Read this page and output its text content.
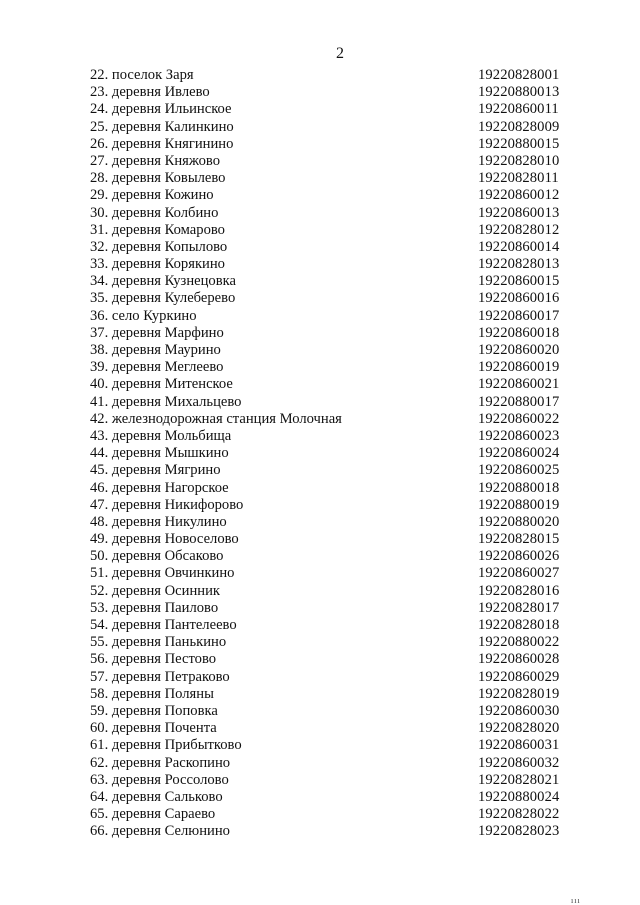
2
22. поселок Заря	19220828001
23. деревня Ивлево	19220880013
24. деревня Ильинское	19220860011
25. деревня Калинкино	19220828009
26. деревня Княгинино	19220880015
27. деревня Княжово	19220828010
28. деревня Ковылево	19220828011
29. деревня Кожино	19220860012
30. деревня Колбино	19220860013
31. деревня Комарово	19220828012
32. деревня Копылово	19220860014
33. деревня Корякино	19220828013
34. деревня Кузнецовка	19220860015
35. деревня Кулеберево	19220860016
36. село Куркино	19220860017
37. деревня Марфино	19220860018
38. деревня Маурино	19220860020
39. деревня Меглеево	19220860019
40. деревня Митенское	19220860021
41. деревня Михальцево	19220880017
42. железнодорожная станция Молочная	19220860022
43. деревня Мольбища	19220860023
44. деревня Мышкино	19220860024
45. деревня Мягрино	19220860025
46. деревня Нагорское	19220880018
47. деревня Никифорово	19220880019
48. деревня Никулино	19220880020
49. деревня Новоселово	19220828015
50. деревня Обсаково	19220860026
51. деревня Овчинкино	19220860027
52. деревня Осинник	19220828016
53. деревня Паилово	19220828017
54. деревня Пантелеево	19220828018
55. деревня Панькино	19220880022
56. деревня Пестово	19220860028
57. деревня Петраково	19220860029
58. деревня Поляны	19220828019
59. деревня Поповка	19220860030
60. деревня Почента	19220828020
61. деревня Прибытково	19220860031
62. деревня Раскопино	19220860032
63. деревня Россолово	19220828021
64. деревня Сальково	19220880024
65. деревня Сараево	19220828022
66. деревня Селюнино	19220828023
ııı
